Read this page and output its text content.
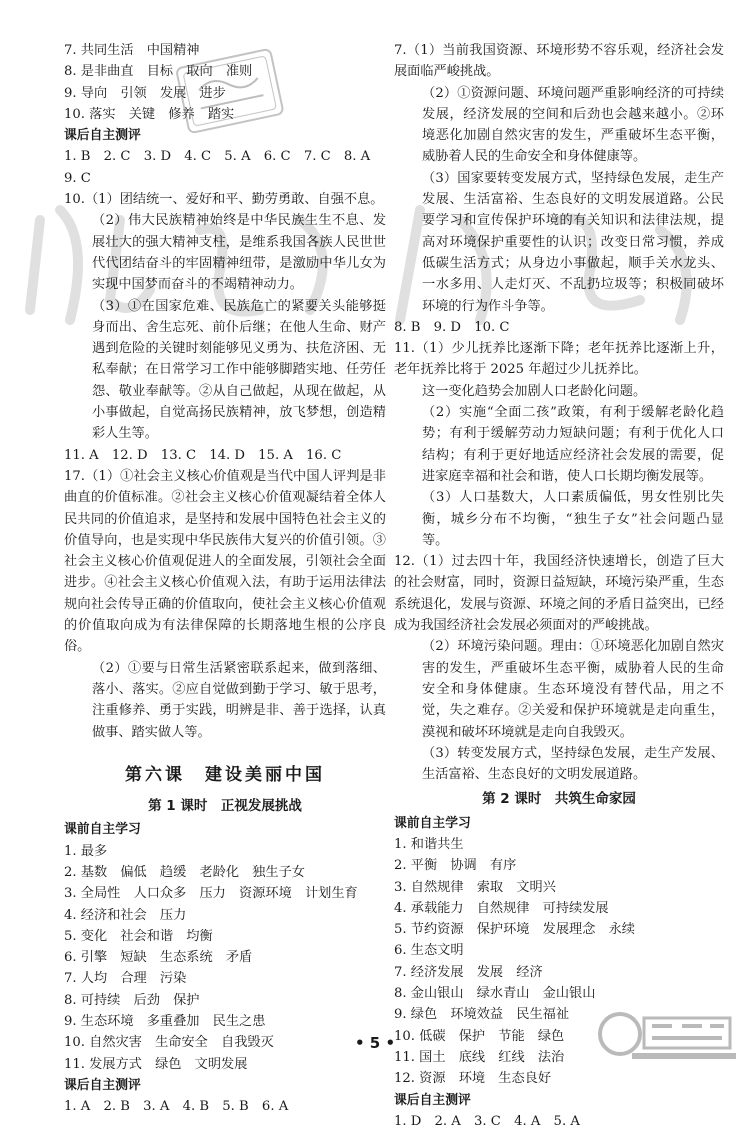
7. 共同生活　中国精神
8. 是非曲直　目标　取向　准则
9. 导向　引领　发展　进步
10. 落实　关键　修养　踏实
课后自主测评
1. B　2. C　3. D　4. C　5. A　6. C　7. C　8. A
9. C
10.（1）团结统一、爱好和平、勤劳勇敢、自强不息。
（2）伟大民族精神始终是中华民族生生不息、发展壮大的强大精神支柱，是维系我国各族人民世世代代团结奋斗的牢固精神纽带，是激励中华儿女为实现中国梦而奋斗的不竭精神动力。
（3）①在国家危难、民族危亡的紧要关头能够挺身而出、舍生忘死、前仆后继；在他人生命、财产遇到危险的关键时刻能够见义勇为、扶危济困、无私奉献；在日常学习工作中能够脚踏实地、任劳任怨、敬业奉献等。②从自己做起，从现在做起，从小事做起，自觉高扬民族精神，放飞梦想，创造精彩人生等。
11. A　12. D　13. C　14. D　15. A　16. C
17.（1）①社会主义核心价值观是当代中国人评判是非曲直的价值标准。②社会主义核心价值观凝结着全体人民共同的价值追求，是坚持和发展中国特色社会主义的价值导向，也是实现中华民族伟大复兴的价值引领。③社会主义核心价值观促进人的全面发展，引领社会全面进步。④社会主义核心价值观入法，有助于运用法律法规向社会传导正确的价值取向，使社会主义核心价值观的价值取向成为有法律保障的长期落地生根的公序良俗。
（2）①要与日常生活紧密联系起来，做到落细、落小、落实。②应自觉做到勤于学习、敏于思考，注重修养、勇于实践，明辨是非、善于选择，认真做事、踏实做人等。
第六课　建设美丽中国
第 1 课时　正视发展挑战
课前自主学习
1. 最多
2. 基数　偏低　趋缓　老龄化　独生子女
3. 全局性　人口众多　压力　资源环境　计划生育
4. 经济和社会　压力
5. 变化　社会和谐　均衡
6. 引擎　短缺　生态系统　矛盾
7. 人均　合理　污染
8. 可持续　后劲　保护
9. 生态环境　多重叠加　民生之患
10. 自然灾害　生命安全　自我毁灭
11. 发展方式　绿色　文明发展
课后自主测评
1. A　2. B　3. A　4. B　5. B　6. A
7.（1）当前我国资源、环境形势不容乐观，经济社会发展面临严峻挑战。
（2）①资源问题、环境问题严重影响经济的可持续发展，经济发展的空间和后劲也会越来越小。②环境恶化加剧自然灾害的发生，严重破坏生态平衡，威胁着人民的生命安全和身体健康等。
（3）国家要转变发展方式，坚持绿色发展，走生产发展、生活富裕、生态良好的文明发展道路。公民要学习和宣传保护环境的有关知识和法律法规，提高对环境保护重要性的认识；改变日常习惯，养成低碳生活方式；从身边小事做起，顺手关水龙头、一水多用、人走灯灭、不乱扔垃圾等；积极同破坏环境的行为作斗争等。
8. B　9. D　10. C
11.（1）少儿抚养比逐渐下降；老年抚养比逐渐上升，老年抚养比将于 2025 年超过少儿抚养比。
这一变化趋势会加剧人口老龄化问题。
（2）实施“全面二孩”政策，有利于缓解老龄化趋势；有利于缓解劳动力短缺问题；有利于优化人口结构；有利于更好地适应经济社会发展的需要，促进家庭幸福和社会和谐，使人口长期均衡发展等。
（3）人口基数大，人口素质偏低，男女性别比失衡，城乡分布不均衡，“独生子女”社会问题凸显等。
12.（1）过去四十年，我国经济快速增长，创造了巨大的社会财富，同时，资源日益短缺，环境污染严重，生态系统退化，发展与资源、环境之间的矛盾日益突出，已经成为我国经济社会发展必须面对的严峻挑战。
（2）环境污染问题。理由：①环境恶化加剧自然灾害的发生，严重破坏生态平衡，威胁着人民的生命安全和身体健康。生态环境没有替代品，用之不觉，失之难存。②关爱和保护环境就是走向重生，漠视和破坏环境就是走向自我毁灭。
（3）转变发展方式，坚持绿色发展，走生产发展、生活富裕、生态良好的文明发展道路。
第 2 课时　共筑生命家园
课前自主学习
1. 和谐共生
2. 平衡　协调　有序
3. 自然规律　索取　文明兴
4. 承载能力　自然规律　可持续发展
5. 节约资源　保护环境　发展理念　永续
6. 生态文明
7. 经济发展　发展　经济
8. 金山银山　绿水青山　金山银山
9. 绿色　环境效益　民生福祉
10. 低碳　保护　节能　绿色
11. 国土　底线　红线　法治
12. 资源　环境　生态良好
课后自主测评
1. D　2. A　3. C　4. A　5. A
• 5 •
